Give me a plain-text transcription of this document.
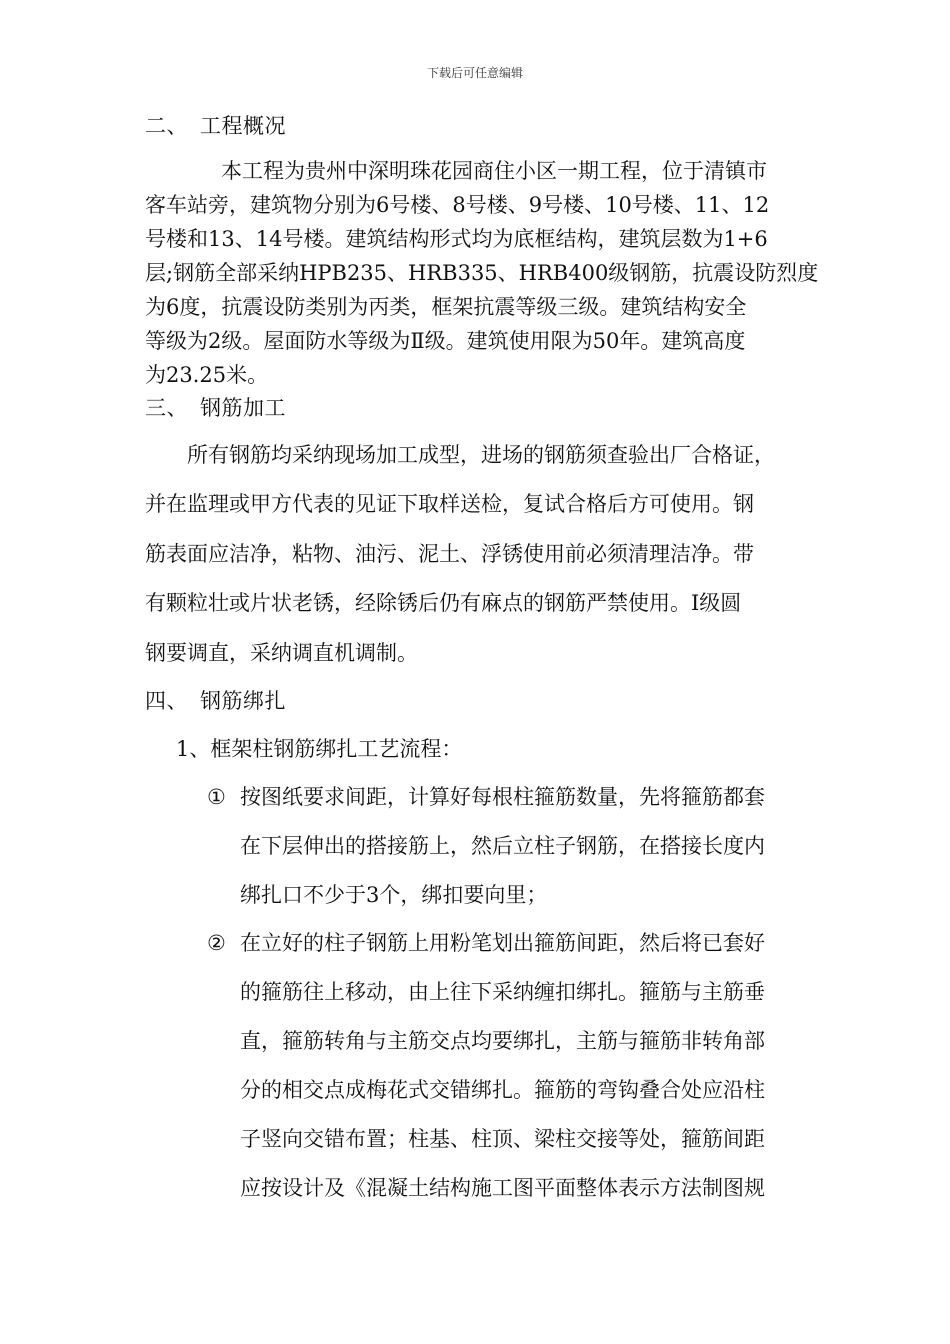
下载后可任意编辑
二、 工程概况
本工程为贵州中深明珠花园商住小区一期工程，位于清镇市
客车站旁，建筑物分别为6号楼、8号楼、9号楼、10号楼、11、12
号楼和13、14号楼。建筑结构形式均为底框结构，建筑层数为1+6
层;钢筋全部采纳HPB235、HRB335、HRB400级钢筋，抗震设防烈度
为6度，抗震设防类别为丙类，框架抗震等级三级。建筑结构安全
等级为2级。屋面防水等级为Ⅱ级。建筑使用限为50年。建筑高度
为23.25米。
三、 钢筋加工
所有钢筋均采纳现场加工成型，进场的钢筋须查验出厂合格证，
并在监理或甲方代表的见证下取样送检，复试合格后方可使用。钢
筋表面应洁净，粘物、油污、泥土、浮锈使用前必须清理洁净。带
有颗粒壮或片状老锈，经除锈后仍有麻点的钢筋严禁使用。Ⅰ级圆
钢要调直，采纳调直机调制。
四、 钢筋绑扎
1、框架柱钢筋绑扎工艺流程：
① 按图纸要求间距，计算好每根柱箍筋数量，先将箍筋都套
在下层伸出的搭接筋上，然后立柱子钢筋，在搭接长度内
绑扎口不少于3个，绑扣要向里；
② 在立好的柱子钢筋上用粉笔划出箍筋间距，然后将已套好
的箍筋往上移动，由上往下采纳缠扣绑扎。箍筋与主筋垂
直，箍筋转角与主筋交点均要绑扎，主筋与箍筋非转角部
分的相交点成梅花式交错绑扎。箍筋的弯钩叠合处应沿柱
子竖向交错布置；柱基、柱顶、梁柱交接等处，箍筋间距
应按设计及《混凝土结构施工图平面整体表示方法制图规
